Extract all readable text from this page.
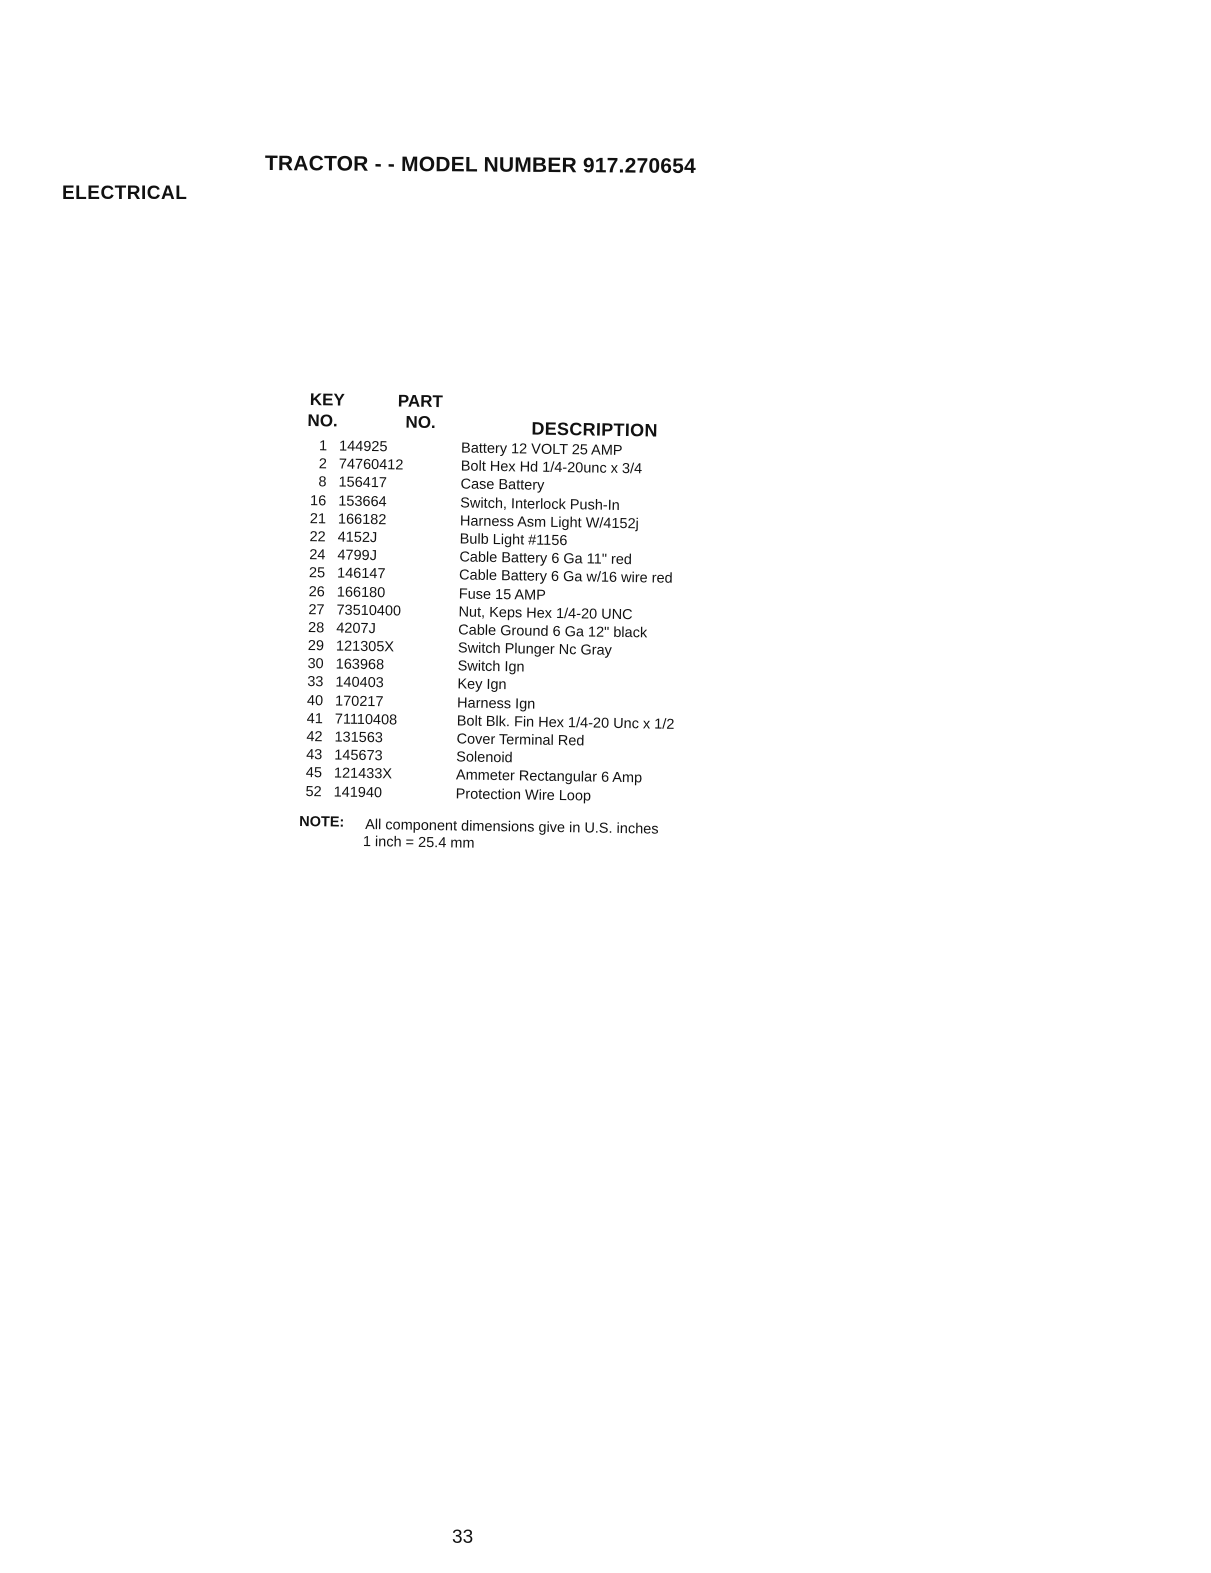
TRACTOR - - MODEL NUMBER 917.270654
ELECTRICAL
KEY	PART
NO.	NO.	DESCRIPTION
1 144925	Battery 12 VOLT 25 AMP
2 74760412	Bolt Hex Hd 1/4-20unc x 3/4
8 156417	Case Battery
16 153664	Switch, Interlock Push-In
21 166182	Harness Asm Light W/4152j
22 4152J	Bulb Light #1156
24 4799J	Cable Battery 6 Ga 11" red
25 146147	Cable Battery 6 Ga w/16 wire red
26 166180	Fuse 15 AMP
27 73510400	Nut, Keps Hex 1/4-20 UNC
28 4207J	Cable Ground 6 Ga 12" black
29 121305X	Switch Plunger Nc Gray
30 163968	Switch Ign
33 140403	Key Ign
40 170217	Harness Ign
41 71110408	Bolt Blk. Fin Hex 1/4-20 Unc x 1/2
42 131563	Cover Terminal Red
43 145673	Solenoid
45 121433X	Ammeter Rectangular 6 Amp
52 141940	Protection Wire Loop
NOTE: All component dimensions give in U.S. inches
1 inch = 25.4 mm
33
